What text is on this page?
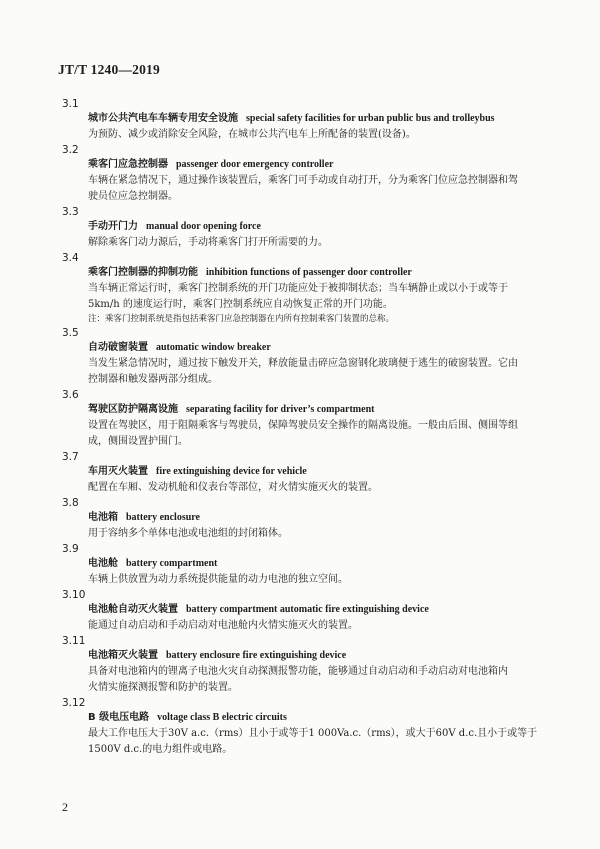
JT/T 1240—2019
3.1
城市公共汽电车车辆专用安全设施 special safety facilities for urban public bus and trolleybus
为预防、减少或消除安全风险，在城市公共汽电车上所配备的装置(设备)。
3.2
乘客门应急控制器 passenger door emergency controller
车辆在紧急情况下，通过操作该装置后，乘客门可手动或自动打开，分为乘客门位应急控制器和驾
驶员位应急控制器。
3.3
手动开门力 manual door opening force
解除乘客门动力源后，手动将乘客门打开所需要的力。
3.4
乘客门控制器的抑制功能 inhibition functions of passenger door controller
当车辆正常运行时，乘客门控制系统的开门功能应处于被抑制状态；当车辆静止或以小于或等于
5km/h 的速度运行时，乘客门控制系统应自动恢复正常的开门功能。
注：乘客门控制系统是指包括乘客门应急控制器在内所有控制乘客门装置的总称。
3.5
自动破窗装置 automatic window breaker
当发生紧急情况时，通过按下触发开关，释放能量击碎应急窗钢化玻璃便于逃生的破窗装置。它由
控制器和触发器两部分组成。
3.6
驾驶区防护隔离设施 separating facility for driver’s compartment
设置在驾驶区，用于阻隔乘客与驾驶员，保障驾驶员安全操作的隔离设施。一般由后围、侧围等组
成，侧围设置护围门。
3.7
车用灭火装置 fire extinguishing device for vehicle
配置在车厢、发动机舱和仪表台等部位，对火情实施灭火的装置。
3.8
电池箱 battery enclosure
用于容纳多个单体电池或电池组的封闭箱体。
3.9
电池舱 battery compartment
车辆上供放置为动力系统提供能量的动力电池的独立空间。
3.10
电池舱自动灭火装置 battery compartment automatic fire extinguishing device
能通过自动启动和手动启动对电池舱内火情实施灭火的装置。
3.11
电池箱灭火装置 battery enclosure fire extinguishing device
具备对电池箱内的锂离子电池火灾自动探测报警功能，能够通过自动启动和手动启动对电池箱内
火情实施探测报警和防护的装置。
3.12
B 级电压电路 voltage class B electric circuits
最大工作电压大于30V a.c.（rms）且小于或等于1 000Va.c.（rms），或大于60V d.c.且小于或等于
1500V d.c.的电力组件或电路。
2
